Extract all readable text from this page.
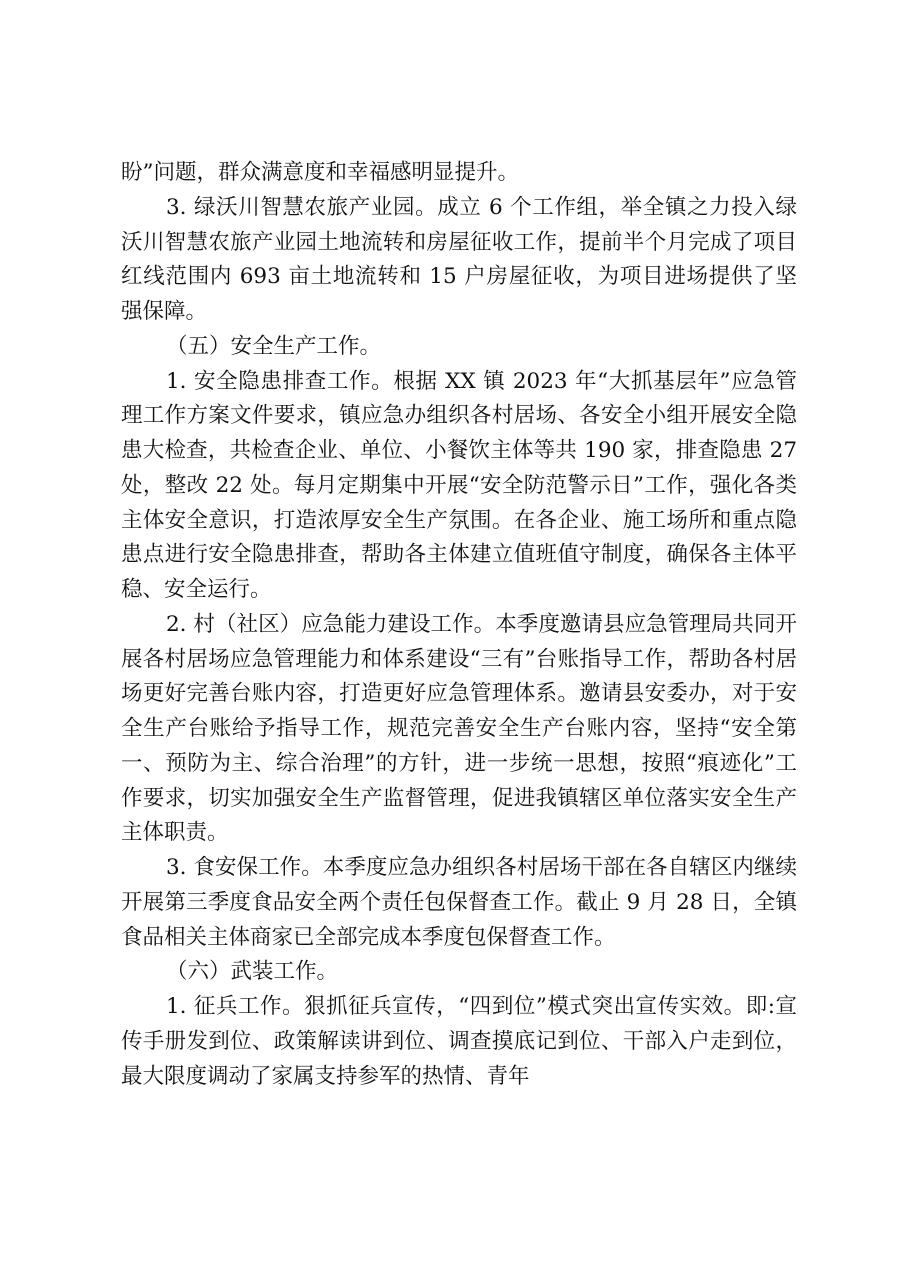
盼”问题，群众满意度和幸福感明显提升。

3. 绿沃川智慧农旅产业园。成立 6 个工作组，举全镇之力投入绿沃川智慧农旅产业园土地流转和房屋征收工作，提前半个月完成了项目红线范围内 693 亩土地流转和 15 户房屋征收，为项目进场提供了坚强保障。

（五）安全生产工作。

1. 安全隐患排查工作。根据 XX 镇 2023 年“大抓基层年”应急管理工作方案文件要求，镇应急办组织各村居场、各安全小组开展安全隐患大检查，共检查企业、单位、小餐饮主体等共 190 家，排查隐患 27 处，整改 22 处。每月定期集中开展“安全防范警示日”工作，强化各类主体安全意识，打造浓厚安全生产氛围。在各企业、施工场所和重点隐患点进行安全隐患排查，帮助各主体建立值班值守制度，确保各主体平稳、安全运行。

2. 村（社区）应急能力建设工作。本季度邀请县应急管理局共同开展各村居场应急管理能力和体系建设“三有”台账指导工作，帮助各村居场更好完善台账内容，打造更好应急管理体系。邀请县安委办，对于安全生产台账给予指导工作，规范完善安全生产台账内容，坚持“安全第一、预防为主、综合治理”的方针，进一步统一思想，按照“痕迹化”工作要求，切实加强安全生产监督管理，促进我镇辖区单位落实安全生产主体职责。

3. 食安保工作。本季度应急办组织各村居场干部在各自辖区内继续开展第三季度食品安全两个责任包保督查工作。截止 9 月 28 日，全镇食品相关主体商家已全部完成本季度包保督查工作。

（六）武装工作。

1. 征兵工作。狠抓征兵宣传，“四到位”模式突出宣传实效。即:宣传手册发到位、政策解读讲到位、调查摸底记到位、干部入户走到位，最大限度调动了家属支持参军的热情、青年
